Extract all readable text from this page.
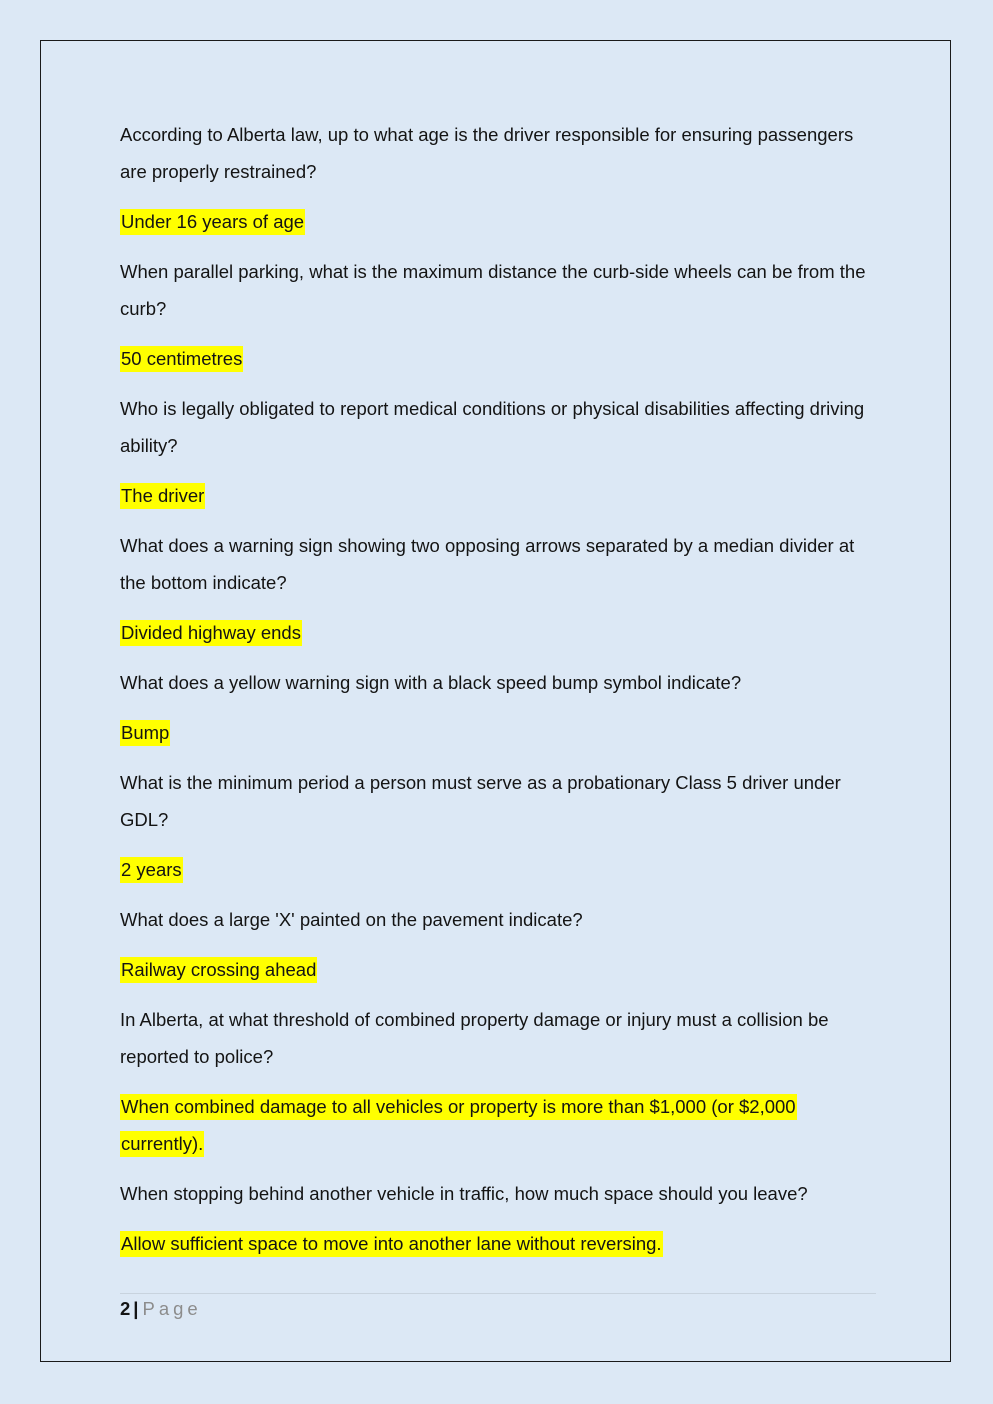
According to Alberta law, up to what age is the driver responsible for ensuring passengers are properly restrained?

Under 16 years of age

When parallel parking, what is the maximum distance the curb-side wheels can be from the curb?

50 centimetres

Who is legally obligated to report medical conditions or physical disabilities affecting driving ability?

The driver

What does a warning sign showing two opposing arrows separated by a median divider at the bottom indicate?

Divided highway ends

What does a yellow warning sign with a black speed bump symbol indicate?

Bump

What is the minimum period a person must serve as a probationary Class 5 driver under GDL?

2 years

What does a large 'X' painted on the pavement indicate?

Railway crossing ahead

In Alberta, at what threshold of combined property damage or injury must a collision be reported to police?

When combined damage to all vehicles or property is more than $1,000 (or $2,000 currently).

When stopping behind another vehicle in traffic, how much space should you leave?

Allow sufficient space to move into another lane without reversing.

2 | Page
